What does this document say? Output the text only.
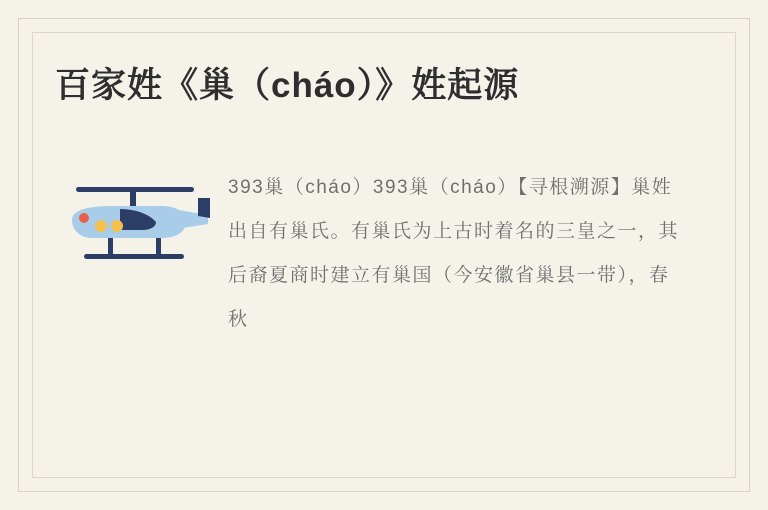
百家姓《巢（cháo）》姓起源
393巢（cháo）393巢（cháo）【寻根溯源】巢姓出自有巢氏。有巢氏为上古时着名的三皇之一，其后裔夏商时建立有巢国（今安徽省巢县一带），春秋
